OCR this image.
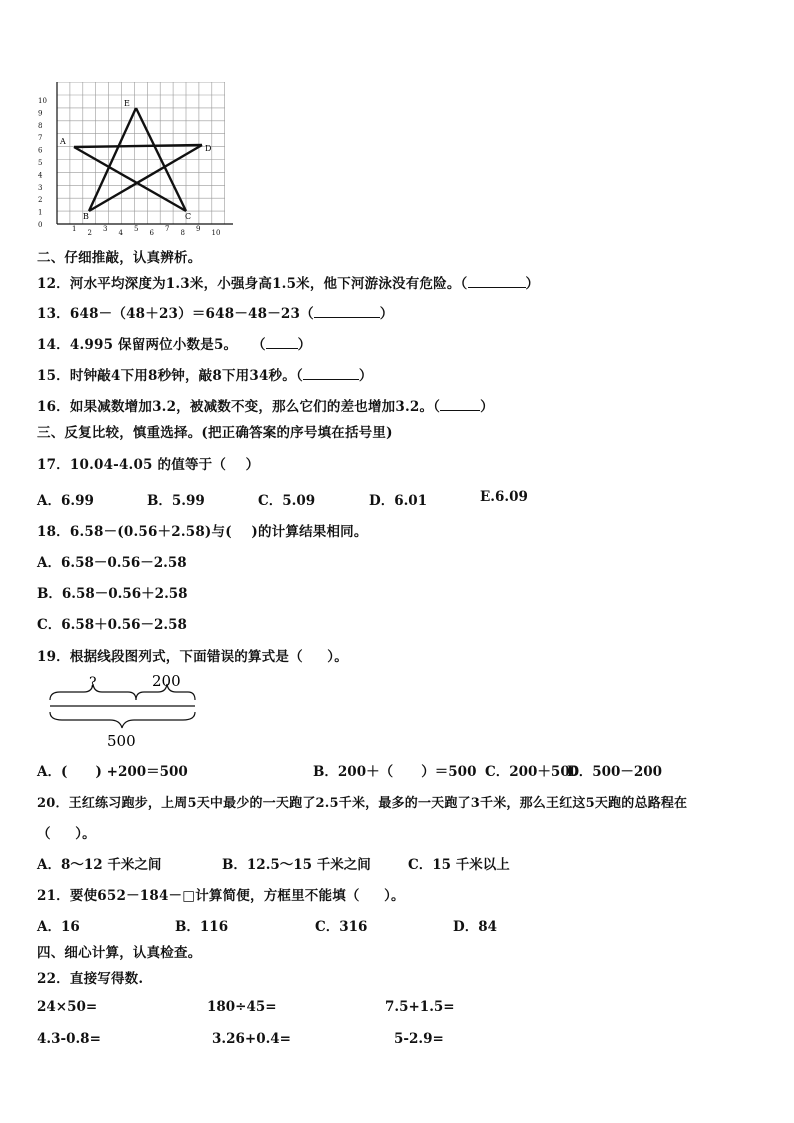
0
1
2
3
4
5
6
7
8
9
10
1 2 3 4 5 6 7 8 9 10
A
E
D
B	C
二、仔细推敲，认真辨析。
12．河水平均深度为1.3米，小强身高1.5米，他下河游泳没有危险。（	）
13．648－（48＋23）＝648－48－23（	）
14．4.995 保留两位小数是5。   （ ）
15．时钟敲4下用8秒钟，敲8下用34秒。（	）
16．如果减数增加3.2，被减数不变，那么它们的差也增加3.2。（	）
三、反复比较，慎重选择。(把正确答案的序号填在括号里)
17．10.04-4.05 的值等于（    ）
A．6.99	B．5.99	C．5.09	D．6.01	E.6.09
18．6.58－(0.56＋2.58)与(    )的计算结果相同。
A．6.58－0.56－2.58
B．6.58－0.56＋2.58
C．6.58＋0.56－2.58
19．根据线段图列式，下面错误的算式是（     ）。
?	200
500
A．(      ) +200＝500	B．200＋（      ）＝500 C．200＋500
D．500－200
20．王红练习跑步，上周5天中最少的一天跑了2.5千米，最多的一天跑了3千米，那么王红这5天跑的总路程在
（     ）。
A．8～12 千米之间	B．12.5～15 千米之间	C．15 千米以上
21．要使652－184－□计算简便，方框里不能填（     ）。
A．16	B．116	C．316	D．84
四、细心计算，认真检查。
22．直接写得数.
24×50=	180÷45=	7.5+1.5=
4.3-0.8=	3.26+0.4=	5-2.9=
